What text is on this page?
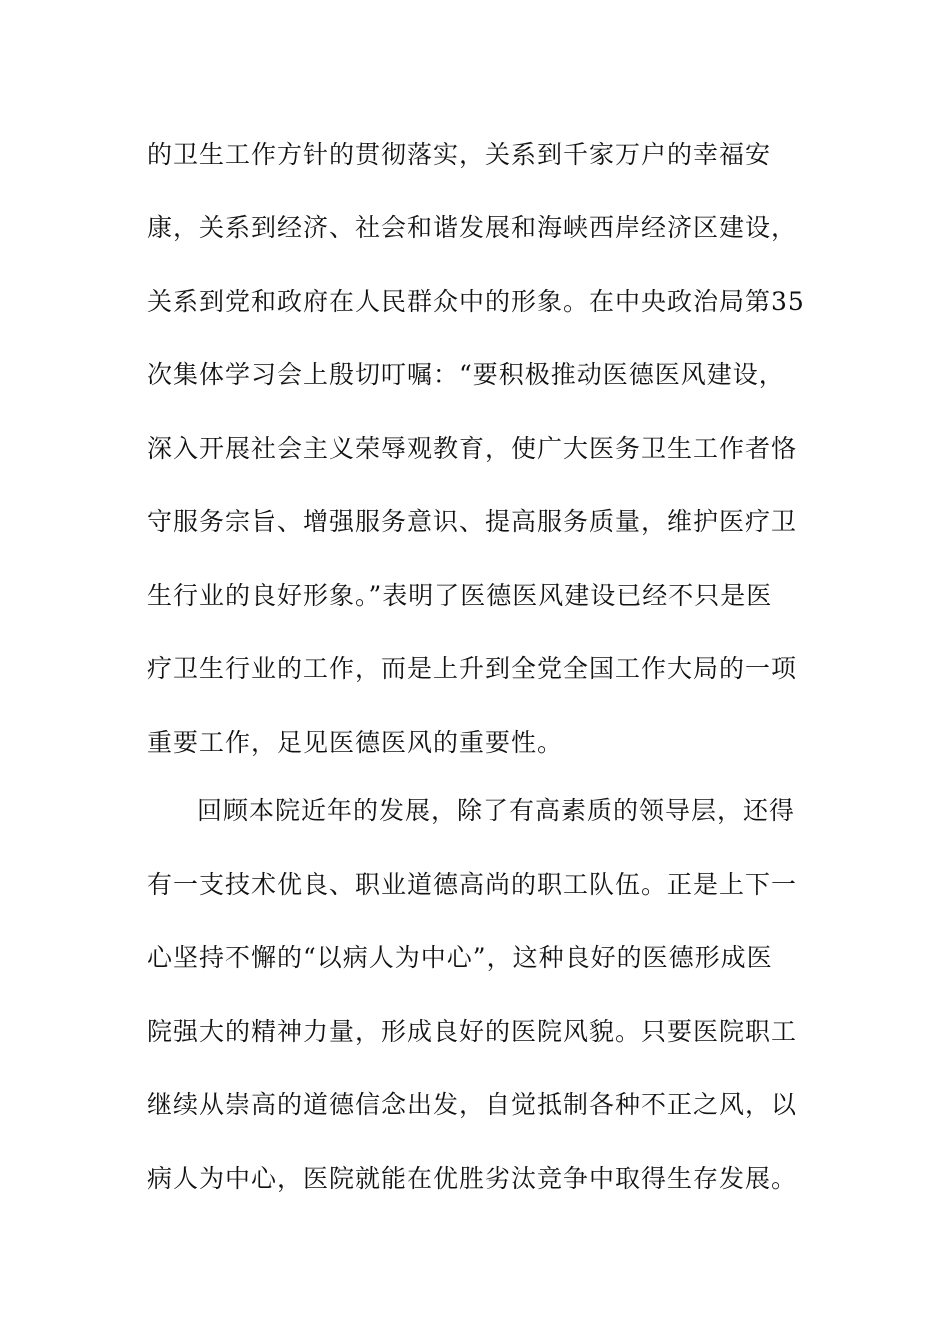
的卫生工作方针的贯彻落实，关系到千家万户的幸福安
康，关系到经济、社会和谐发展和海峡西岸经济区建设，
关系到党和政府在人民群众中的形象。在中央政治局第35
次集体学习会上殷切叮嘱：“要积极推动医德医风建设，
深入开展社会主义荣辱观教育，使广大医务卫生工作者恪
守服务宗旨、增强服务意识、提高服务质量，维护医疗卫
生行业的良好形象。”表明了医德医风建设已经不只是医
疗卫生行业的工作，而是上升到全党全国工作大局的一项
重要工作，足见医德医风的重要性。
回顾本院近年的发展，除了有高素质的领导层，还得
有一支技术优良、职业道德高尚的职工队伍。正是上下一
心坚持不懈的“以病人为中心”，这种良好的医德形成医
院强大的精神力量，形成良好的医院风貌。只要医院职工
继续从崇高的道德信念出发，自觉抵制各种不正之风，以
病人为中心，医院就能在优胜劣汰竞争中取得生存发展。
